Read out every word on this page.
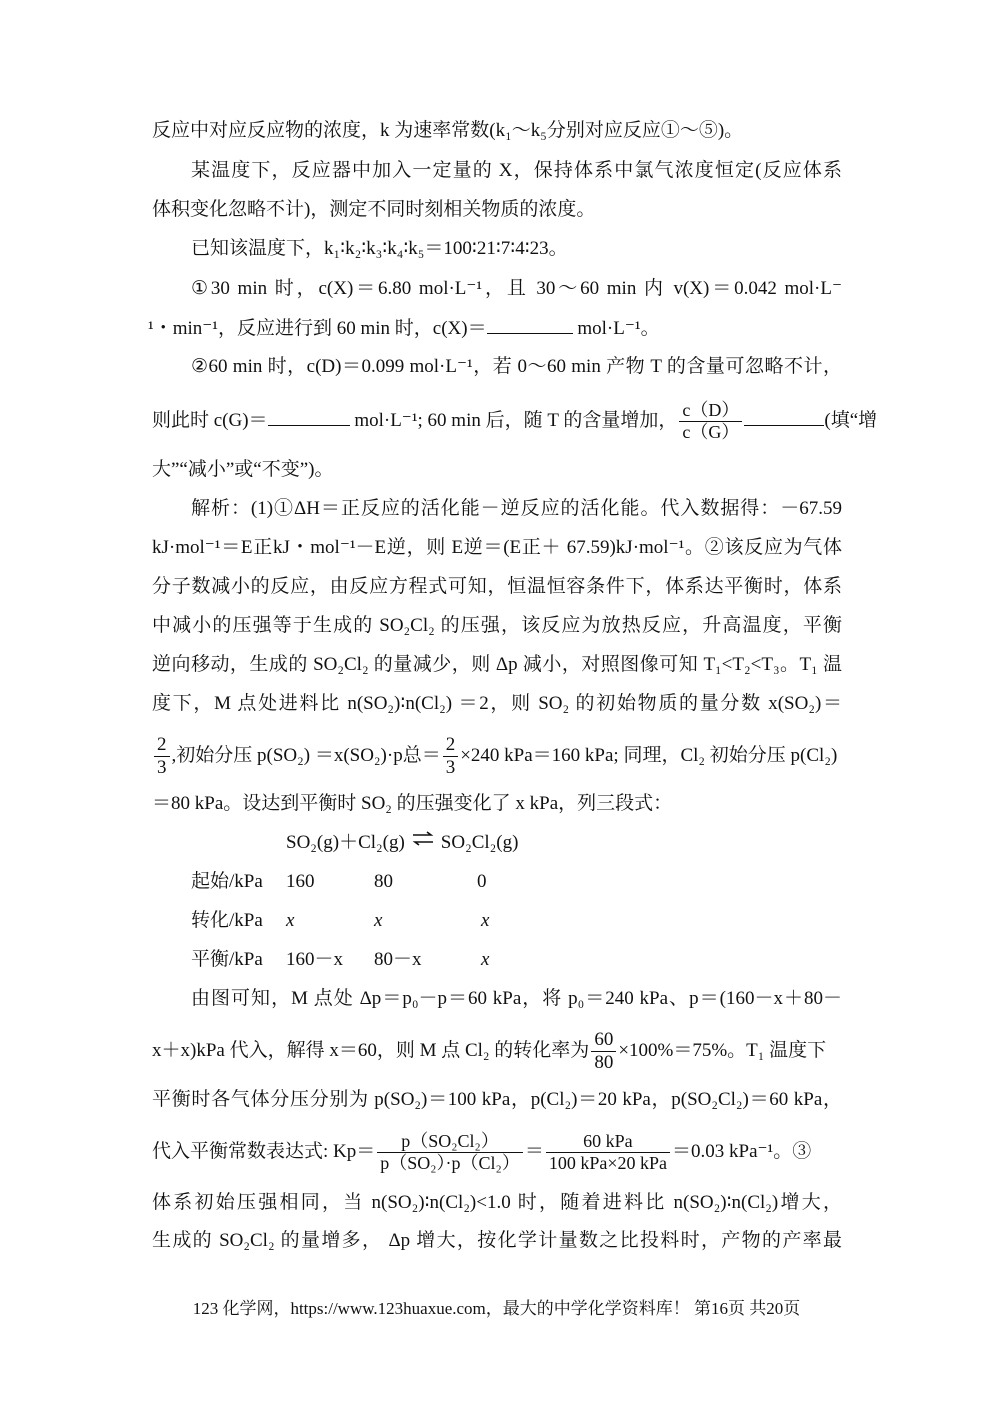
反应中对应反应物的浓度，k 为速率常数(k₁～k₅分别对应反应①～⑤)。
某温度下，反应器中加入一定量的 X，保持体系中氯气浓度恒定(反应体系
体积变化忽略不计)，测定不同时刻相关物质的浓度。
已知该温度下，k₁∶k₂∶k₃∶k₄∶k₅＝100∶21∶7∶4∶23。
①30 min 时，c(X)＝6.80 mol·L⁻¹，且 30～60 min 内 v(X)＝0.042 mol·L⁻
¹・min⁻¹，反应进行到 60 min 时，c(X)＝	mol·L⁻¹。
②60 min 时，c(D)＝0.099 mol·L⁻¹，若 0～60 min 产物 T 的含量可忽略不计，
则此时 c(G)＝	mol·L⁻¹; 60 min 后，随 T 的含量增加， $\frac{c(D)}{c(G)}$	(填“增
大”“减小”或“不变”)。
解析：(1)①ΔH＝正反应的活化能－逆反应的活化能。代入数据得：－67.59
kJ·mol⁻¹＝E正kJ・mol⁻¹－E逆，则 E逆＝(E正＋ 67.59)kJ·mol⁻¹。②该反应为气体
分子数减小的反应，由反应方程式可知，恒温恒容条件下，体系达平衡时，体系
中减小的压强等于生成的 SO₂Cl₂ 的压强，该反应为放热反应，升高温度，平衡
逆向移动，生成的 SO₂Cl₂ 的量减少，则 Δp 减小，对照图像可知 T₁<T₂<T₃。T₁ 温
度下，M 点处进料比 n(SO₂)∶n(Cl₂) ＝2，则 SO₂ 的初始物质的量分数 x(SO₂)＝
$\frac{2}{3}$ ,初始分压 p(SO₂) ＝x(SO₂)·p总＝ $\frac{2}{3} \times 240$ kPa＝160 kPa; 同理，Cl₂ 初始分压 p(Cl₂)
＝80 kPa。设达到平衡时 SO₂ 的压强变化了 x kPa，列三段式：
SO₂(g)＋Cl₂(g) ⇌ SO₂Cl₂(g)
起始/kPa 160	80	0
转化/kPa x	x	x
平衡/kPa 160－x 80－x	x
由图可知，M 点处 Δp＝p₀－p＝60 kPa，将 p₀＝240 kPa、p＝(160－x＋80－
x＋x)kPa 代入，解得 x＝60，则 M 点 Cl₂ 的转化率为 $\frac{60}{80} \times 100\%=75\%$。T₁ 温度下
平衡时各气体分压分别为 p(SO₂)＝100 kPa，p(Cl₂)＝20 kPa，p(SO₂Cl₂)＝60 kPa，
代入平衡常数表达式: $Kp= \frac{\text{p（SO₂Cl₂）}}{\text{p（SO₂）·p（Cl₂）}} = \frac{\text{60 kPa}}{\text{100 kPa×20 kPa}} =0.03$ kPa⁻¹。③
体系初始压强相同，当 n(SO₂)∶n(Cl₂)<1.0 时，随着进料比 n(SO₂)∶n(Cl₂)增大，
生成的 SO₂Cl₂ 的量增多， Δp 增大，按化学计量数之比投料时，产物的产率最
123 化学网，https://www.123huaxue.com，最大的中学化学资料库！ 第16页 共20页
